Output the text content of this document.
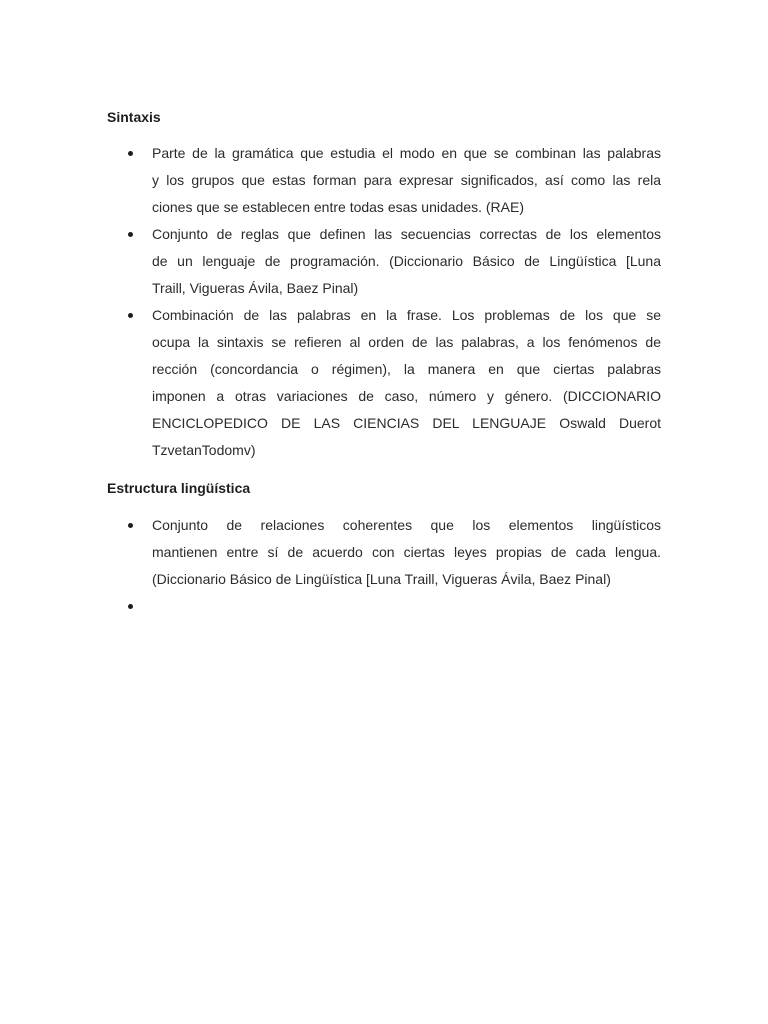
Sintaxis
Parte de la gramática que estudia el modo en que se combinan las palabras
y los grupos que estas forman para expresar significados, así como las rela
ciones que se establecen entre todas esas unidades. (RAE)
Conjunto de reglas que definen las secuencias correctas de los elementos
de un lenguaje de programación. (Diccionario Básico de Lingüística [Luna
Traill, Vigueras Ávila, Baez Pinal)
Combinación de las palabras en la frase. Los problemas de los que se
ocupa la sintaxis se refieren al orden de las palabras, a los fenómenos de
rección (concordancia o régimen), la manera en que ciertas palabras
imponen a otras variaciones de caso, número y género. (DICCIONARIO
ENCICLOPEDICO DE LAS CIENCIAS DEL LENGUAJE Oswald Duerot
TzvetanTodomv)
Estructura lingüística
Conjunto de relaciones coherentes que los elementos lingüísticos
mantienen entre sí de acuerdo con ciertas leyes propias de cada lengua.
(Diccionario Básico de Lingüística [Luna Traill, Vigueras Ávila, Baez Pinal)
